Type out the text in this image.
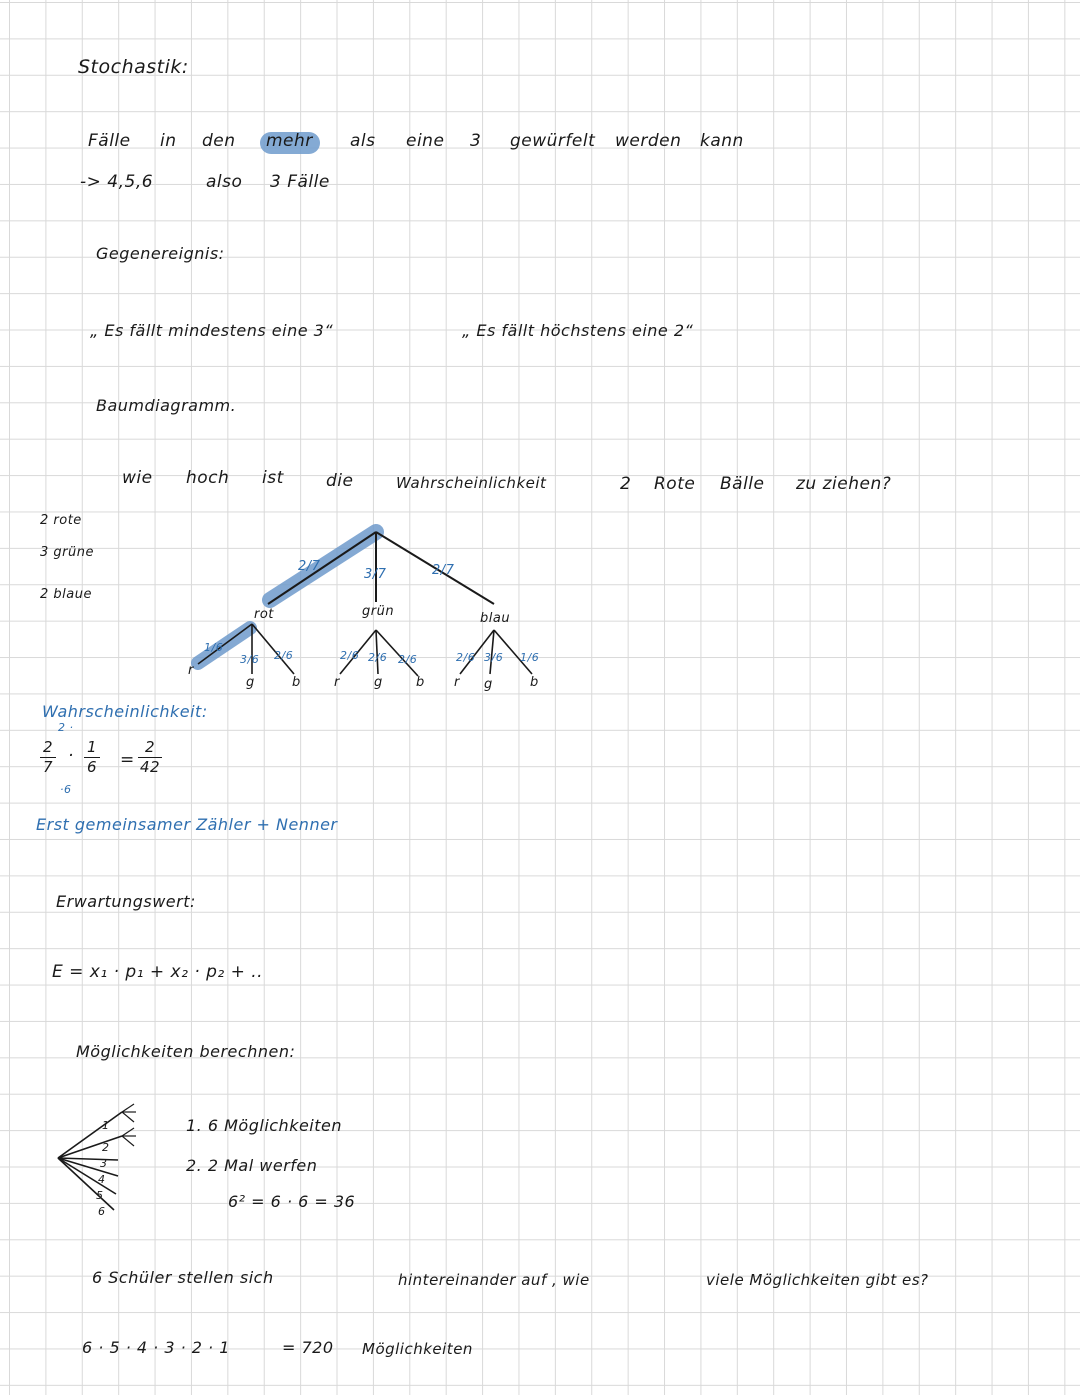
Stochastik:
Fälle in den mehr als eine 3 gewürfelt werden kann
-> 4,5,6	also 3 Fälle
Gegenereignis:
„ Es fällt mindestens eine 3“	„ Es fällt höchstens eine 2“
Baumdiagramm.
wie hoch ist die	Wahrscheinlichkeit	2 Rote Bälle zu ziehen?
2 rote
3 grüne
2 blaue
2/7
3/7	2/7
rot	grün	blau
1/6
3/6 2/6	2/6 2/6 2/6	2/6 3/6 1/6
r
g	b	r	g	b r g	b
Wahrscheinlichkeit:
2 ·
2
7
· 1
6 =
2
42
·6
Erst gemeinsamer Zähler + Nenner
Erwartungswert:
E = x₁ · p₁ + x₂ · p₂ + ..
Möglichkeiten berechnen:
1
2
3
4
5
6
1. 6 Möglichkeiten
2. 2 Mal werfen
6² = 6 · 6 = 36
6 Schüler stellen sich	hintereinander auf , wie	viele Möglichkeiten gibt es?
6 · 5 · 4 · 3 · 2 · 1	= 720 Möglichkeiten
